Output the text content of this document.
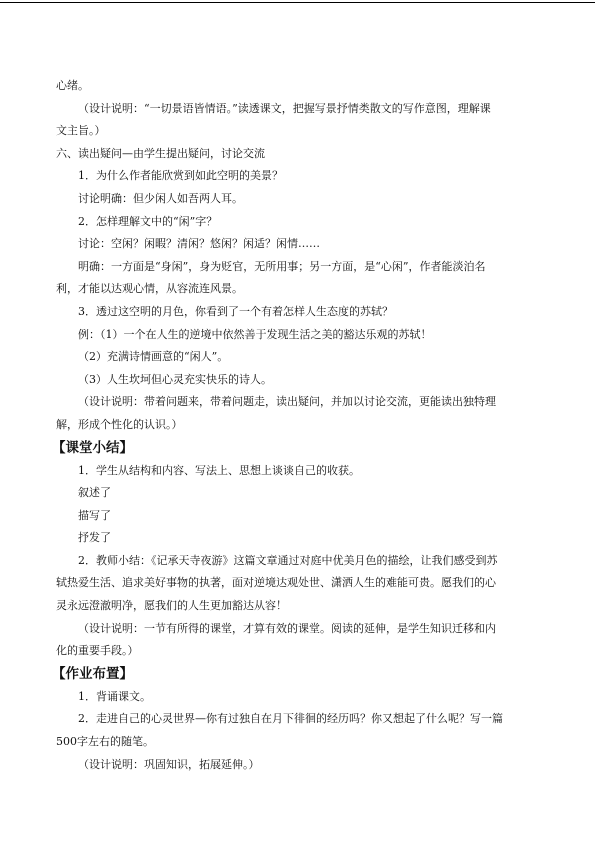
心绪。
（设计说明：“一切景语皆情语。”读透课文，把握写景抒情类散文的写作意图，理解课
文主旨。）
六、读出疑问—由学生提出疑问，讨论交流
1．为什么作者能欣赏到如此空明的美景？
讨论明确：但少闲人如吾两人耳。
2．怎样理解文中的“闲”字？
讨论：空闲？闲暇？清闲？悠闲？闲适？闲情……
明确：一方面是“身闲”，身为贬官，无所用事；另一方面，是“心闲”，作者能淡泊名
利，才能以达观心情，从容流连风景。
3．透过这空明的月色，你看到了一个有着怎样人生态度的苏轼？
例：（1）一个在人生的逆境中依然善于发现生活之美的豁达乐观的苏轼！
（2）充满诗情画意的“闲人”。
（3）人生坎坷但心灵充实快乐的诗人。
（设计说明：带着问题来，带着问题走，读出疑问，并加以讨论交流，更能读出独特理
解，形成个性化的认识。）
【课堂小结】
1．学生从结构和内容、写法上、思想上谈谈自己的收获。
叙述了
描写了
抒发了
2．教师小结：《记承天寺夜游》这篇文章通过对庭中优美月色的描绘，让我们感受到苏
轼热爱生活、追求美好事物的执著，面对逆境达观处世、潇洒人生的难能可贵。愿我们的心
灵永远澄澈明净，愿我们的人生更加豁达从容！
（设计说明：一节有所得的课堂，才算有效的课堂。阅读的延伸，是学生知识迁移和内
化的重要手段。）
【作业布置】
1．背诵课文。
2．走进自己的心灵世界—你有过独自在月下徘徊的经历吗？你又想起了什么呢？写一篇
500字左右的随笔。
（设计说明：巩固知识，拓展延伸。）
